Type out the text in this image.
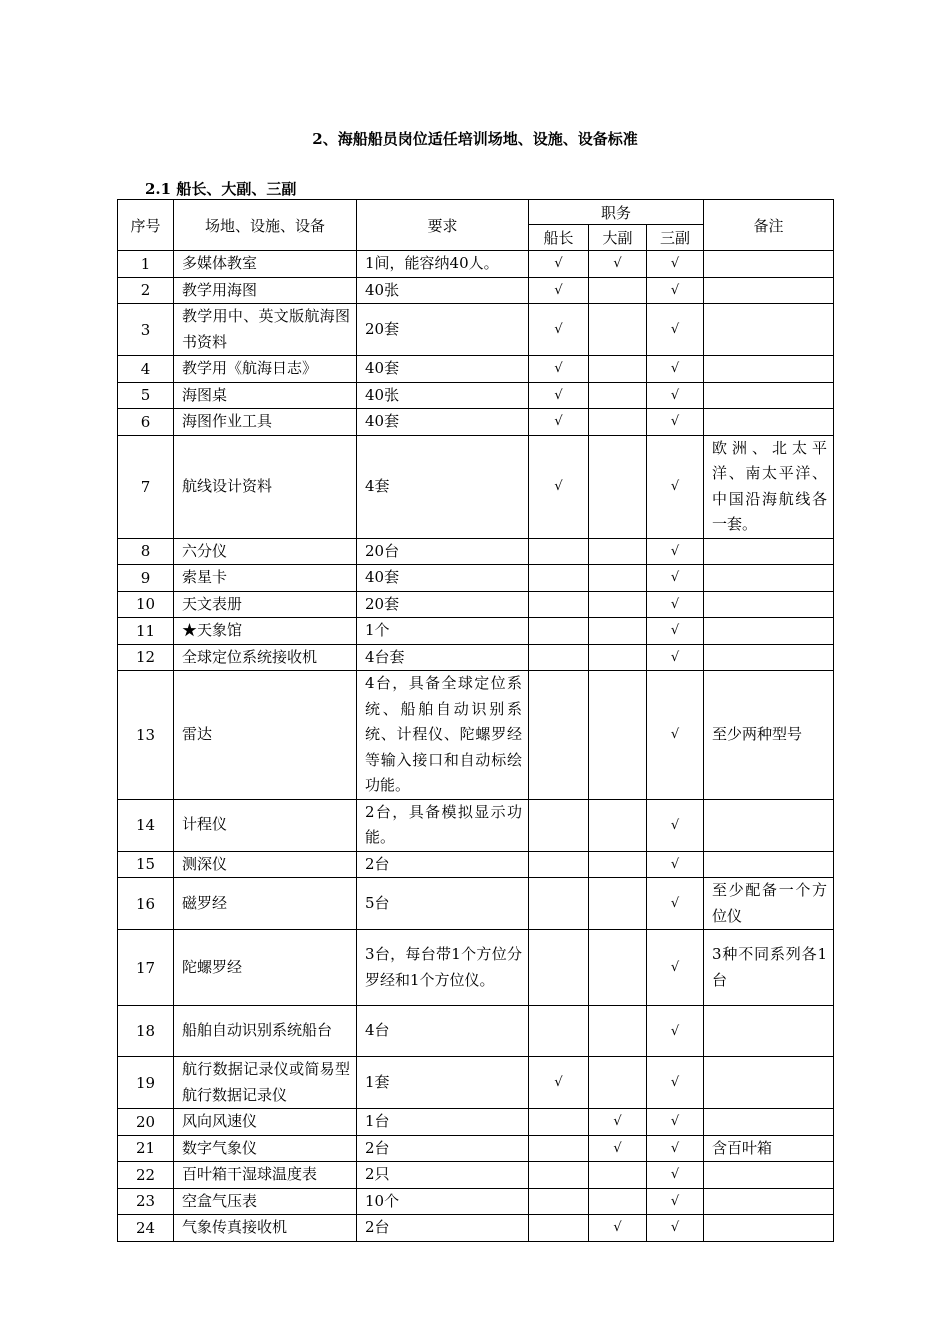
2、海船船员岗位适任培训场地、设施、设备标准
2.1 船长、大副、三副
序号	场地、设施、设备	要求	职务			备注
			船长	大副	三副	
1	多媒体教室	1间，能容纳40人。	√	√	√	
2	教学用海图	40张	√		√	
3	教学用中、英文版航海图书资料	20套	√		√	
4	教学用《航海日志》	40套	√		√	
5	海图桌	40张	√		√	
6	海图作业工具	40套	√		√	
7	航线设计资料	4套	√		√	欧洲、北太平洋、南太平洋、中国沿海航线各一套。
8	六分仪	20台			√	
9	索星卡	40套			√	
10	天文表册	20套			√	
11	★天象馆	1个			√	
12	全球定位系统接收机	4台套			√	
13	雷达	4台，具备全球定位系统、船舶自动识别系统、计程仪、陀螺罗经等输入接口和自动标绘功能。			√	至少两种型号
14	计程仪	2台，具备模拟显示功能。			√	
15	测深仪	2台			√	
16	磁罗经	5台			√	至少配备一个方位仪
17	陀螺罗经	3台，每台带1个方位分罗经和1个方位仪。			√	3种不同系列各1台
18	船舶自动识别系统船台	4台			√	
19	航行数据记录仪或简易型航行数据记录仪	1套	√		√	
20	风向风速仪	1台		√	√	
21	数字气象仪	2台		√	√	含百叶箱
22	百叶箱干湿球温度表	2只			√	
23	空盒气压表	10个			√	
24	气象传真接收机	2台		√	√	
